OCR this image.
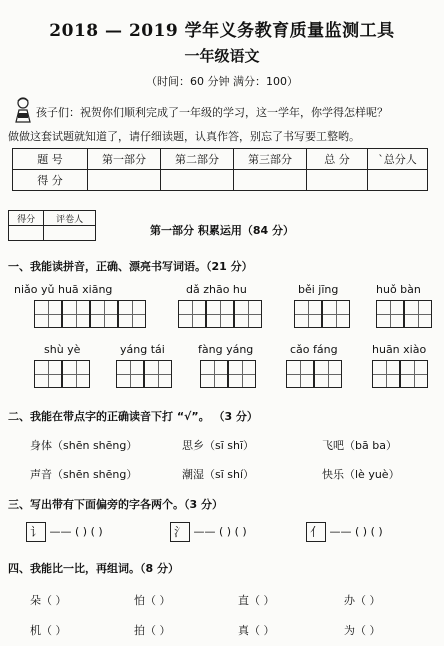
2018 — 2019 学年义务教育质量监测工具
一年级语文
（时间：60 分钟 满分：100）
孩子们：祝贺你们顺利完成了一年级的学习，这一学年，你学得怎样呢？
做做这套试题就知道了，请仔细读题，认真作答，别忘了书写要工整哟。
题 号	第一部分	第二部分	第三部分	总 分	`总分人
得 分					
得分	评卷人

第一部分 积累运用（84 分）
一、我能读拼音，正确、漂亮书写词语。（21 分）
niǎo yǔ huā xiāng	dǎ zhāo hu	běi jīng	huǒ bàn
shù yè	yáng tái	fàng yáng	cǎo fáng	huān xiào
二、我能在带点字的正确读音下打 “√”。 （3 分）
身体（shēn shēng）	思乡（sī shī）	飞吧（bā ba）
声音（shēn shēng）	潮湿（sī shí）	快乐（lè yuè）
三、写出带有下面偏旁的字各两个。（3 分）
讠 —— ( ) ( )	氵 —— ( ) ( )	亻 —— ( ) ( )
四、我能比一比，再组词。（8 分）
朵（ ）	怕（ ）	直（ ）	办（ ）
机（ ）	拍（ ）	真（ ）	为（ ）
